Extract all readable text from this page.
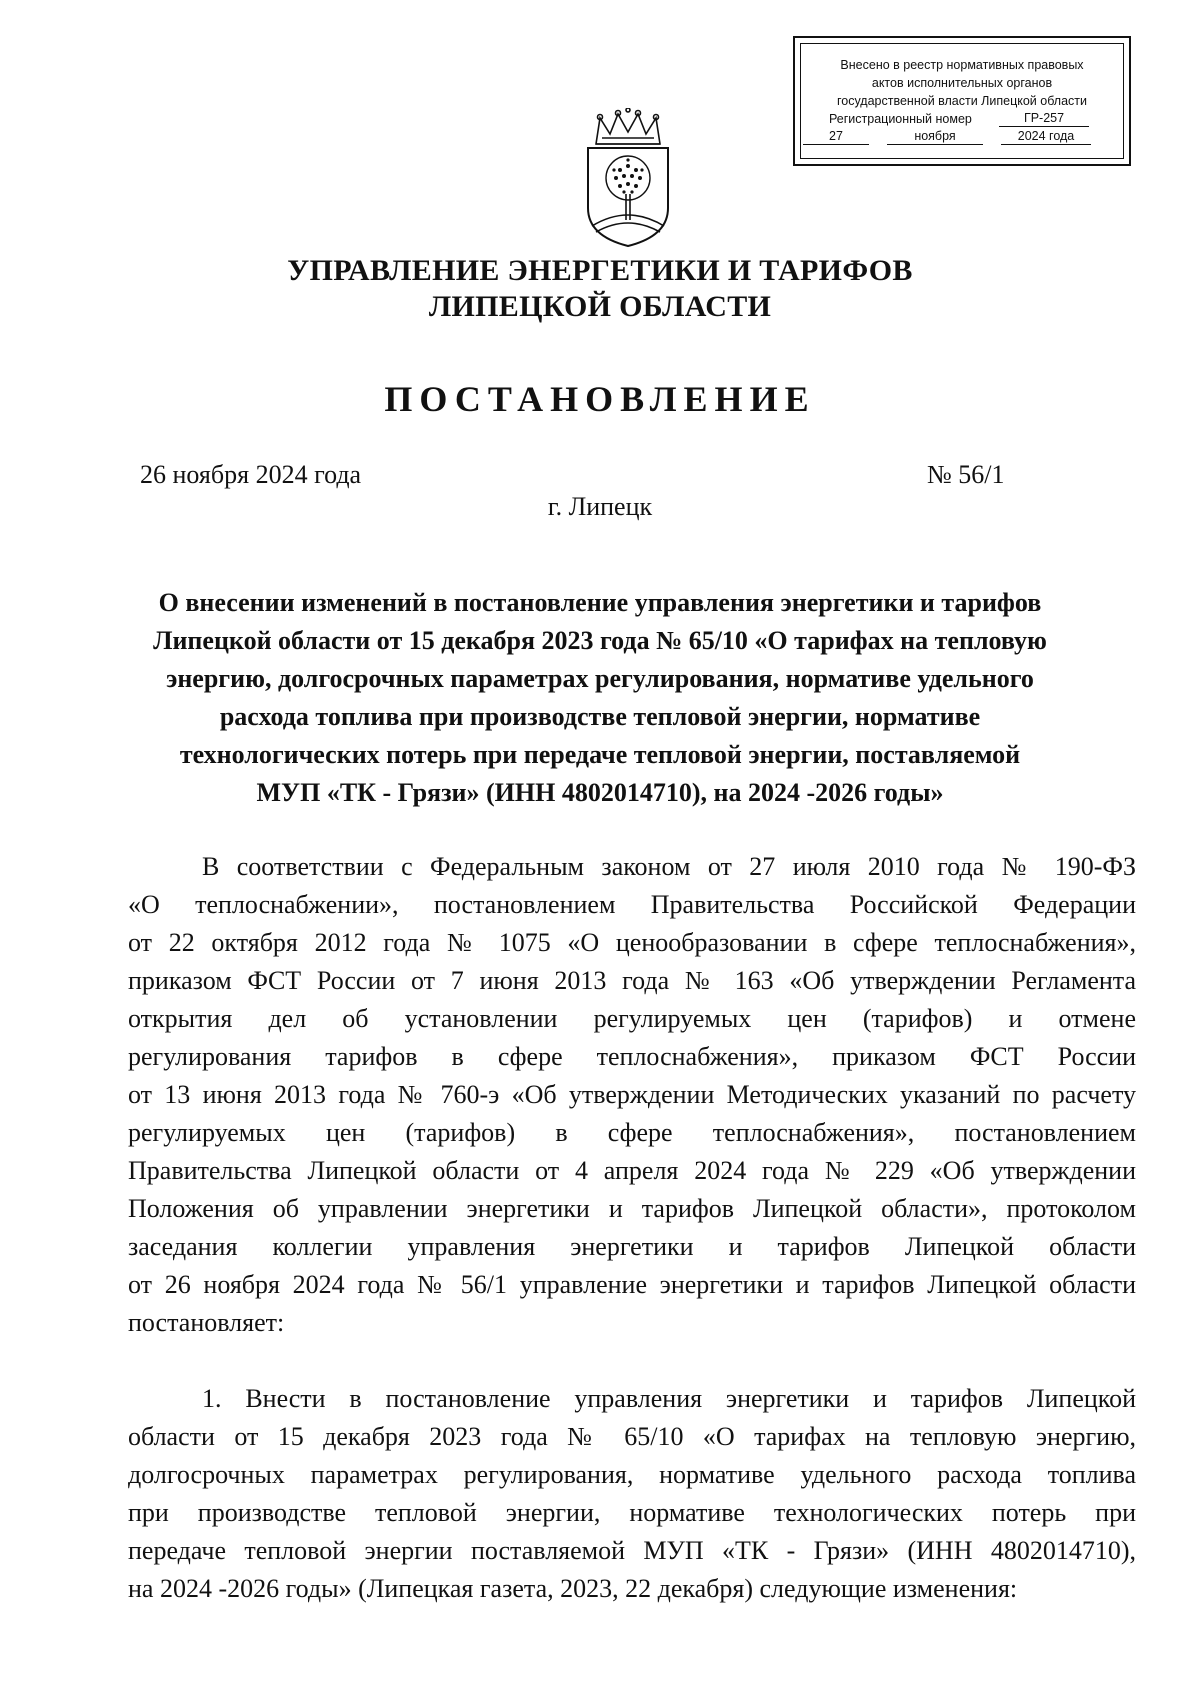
Внесено в реестр нормативных правовых
актов исполнительных органов
государственной власти Липецкой области
Регистрационный номер	ГР-257
27	ноября	2024 года
УПРАВЛЕНИЕ ЭНЕРГЕТИКИ И ТАРИФОВ
ЛИПЕЦКОЙ ОБЛАСТИ
ПОСТАНОВЛЕНИЕ
26 ноября 2024 года	№ 56/1
г. Липецк
О внесении изменений в постановление управления энергетики и тарифов
Липецкой области от 15 декабря 2023 года № 65/10 «О тарифах на тепловую
энергию, долгосрочных параметрах регулирования, нормативе удельного
расхода топлива при производстве тепловой энергии, нормативе
технологических потерь при передаче тепловой энергии, поставляемой
МУП «ТК - Грязи» (ИНН 4802014710), на 2024 -2026 годы»
В соответствии с Федеральным законом от 27 июля 2010 года № 190-ФЗ
«О теплоснабжении», постановлением Правительства Российской Федерации
от 22 октября 2012 года № 1075 «О ценообразовании в сфере теплоснабжения»,
приказом ФСТ России от 7 июня 2013 года № 163 «Об утверждении Регламента
открытия дел об установлении регулируемых цен (тарифов) и отмене
регулирования тарифов в сфере теплоснабжения», приказом ФСТ России
от 13 июня 2013 года № 760-э «Об утверждении Методических указаний по расчету
регулируемых цен (тарифов) в сфере теплоснабжения», постановлением
Правительства Липецкой области от 4 апреля 2024 года № 229 «Об утверждении
Положения об управлении энергетики и тарифов Липецкой области», протоколом
заседания коллегии управления энергетики и тарифов Липецкой области
от 26 ноября 2024 года № 56/1 управление энергетики и тарифов Липецкой области
постановляет:
1. Внести в постановление управления энергетики и тарифов Липецкой
области от 15 декабря 2023 года № 65/10 «О тарифах на тепловую энергию,
долгосрочных параметрах регулирования, нормативе удельного расхода топлива
при производстве тепловой энергии, нормативе технологических потерь при
передаче тепловой энергии поставляемой МУП «ТК - Грязи» (ИНН 4802014710),
на 2024 -2026 годы» (Липецкая газета, 2023, 22 декабря) следующие изменения:
